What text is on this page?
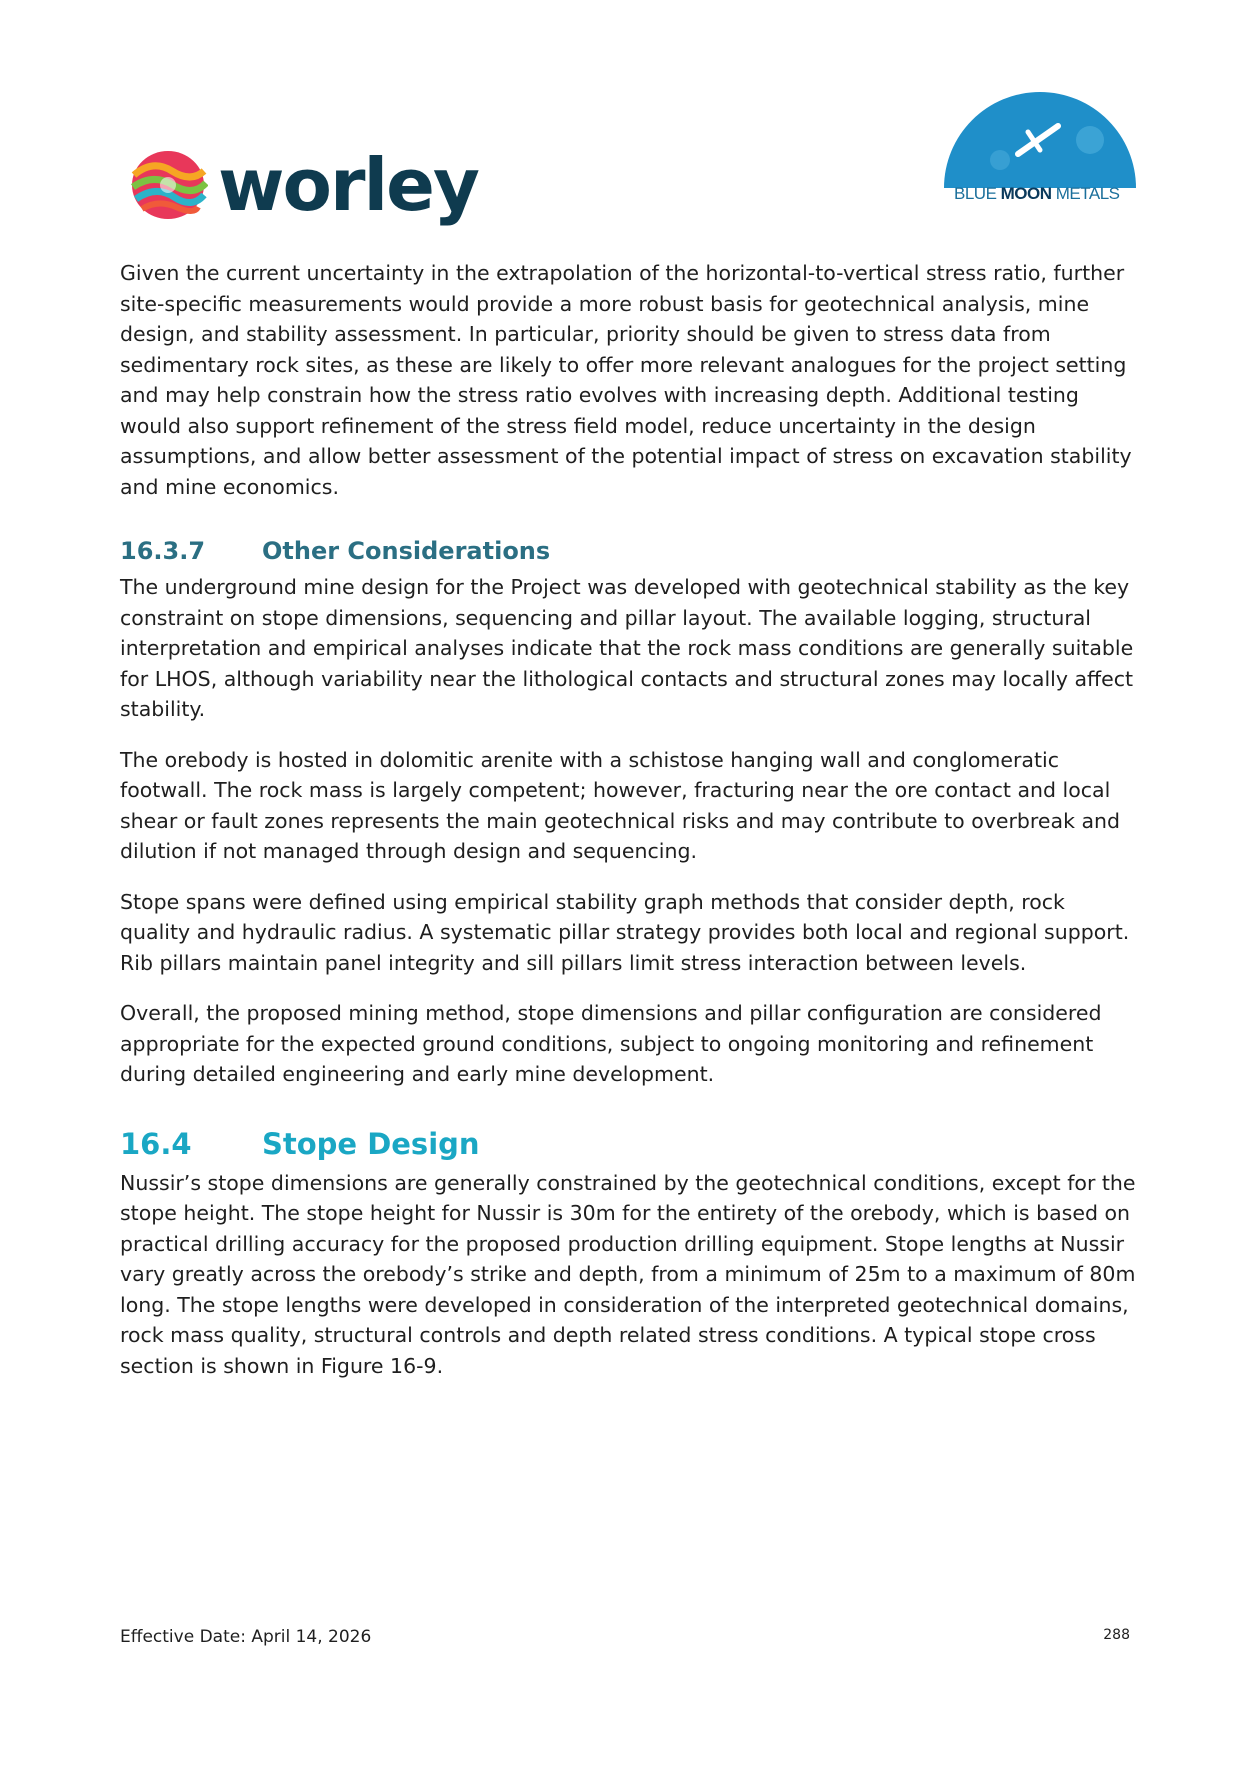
worley	BLUE MOON METALS

Given the current uncertainty in the extrapolation of the horizontal-to-vertical stress ratio, further site-specific measurements would provide a more robust basis for geotechnical analysis, mine design, and stability assessment. In particular, priority should be given to stress data from sedimentary rock sites, as these are likely to offer more relevant analogues for the project setting and may help constrain how the stress ratio evolves with increasing depth. Additional testing would also support refinement of the stress field model, reduce uncertainty in the design assumptions, and allow better assessment of the potential impact of stress on excavation stability and mine economics.

16.3.7 Other Considerations

The underground mine design for the Project was developed with geotechnical stability as the key constraint on stope dimensions, sequencing and pillar layout. The available logging, structural interpretation and empirical analyses indicate that the rock mass conditions are generally suitable for LHOS, although variability near the lithological contacts and structural zones may locally affect stability.

The orebody is hosted in dolomitic arenite with a schistose hanging wall and conglomeratic footwall. The rock mass is largely competent; however, fracturing near the ore contact and local shear or fault zones represents the main geotechnical risks and may contribute to overbreak and dilution if not managed through design and sequencing.

Stope spans were defined using empirical stability graph methods that consider depth, rock quality and hydraulic radius. A systematic pillar strategy provides both local and regional support. Rib pillars maintain panel integrity and sill pillars limit stress interaction between levels.

Overall, the proposed mining method, stope dimensions and pillar configuration are considered appropriate for the expected ground conditions, subject to ongoing monitoring and refinement during detailed engineering and early mine development.

16.4 Stope Design

Nussir’s stope dimensions are generally constrained by the geotechnical conditions, except for the stope height. The stope height for Nussir is 30m for the entirety of the orebody, which is based on practical drilling accuracy for the proposed production drilling equipment. Stope lengths at Nussir vary greatly across the orebody’s strike and depth, from a minimum of 25m to a maximum of 80m long. The stope lengths were developed in consideration of the interpreted geotechnical domains, rock mass quality, structural controls and depth related stress conditions. A typical stope cross section is shown in Figure 16-9.

Effective Date: April 14, 2026	288
